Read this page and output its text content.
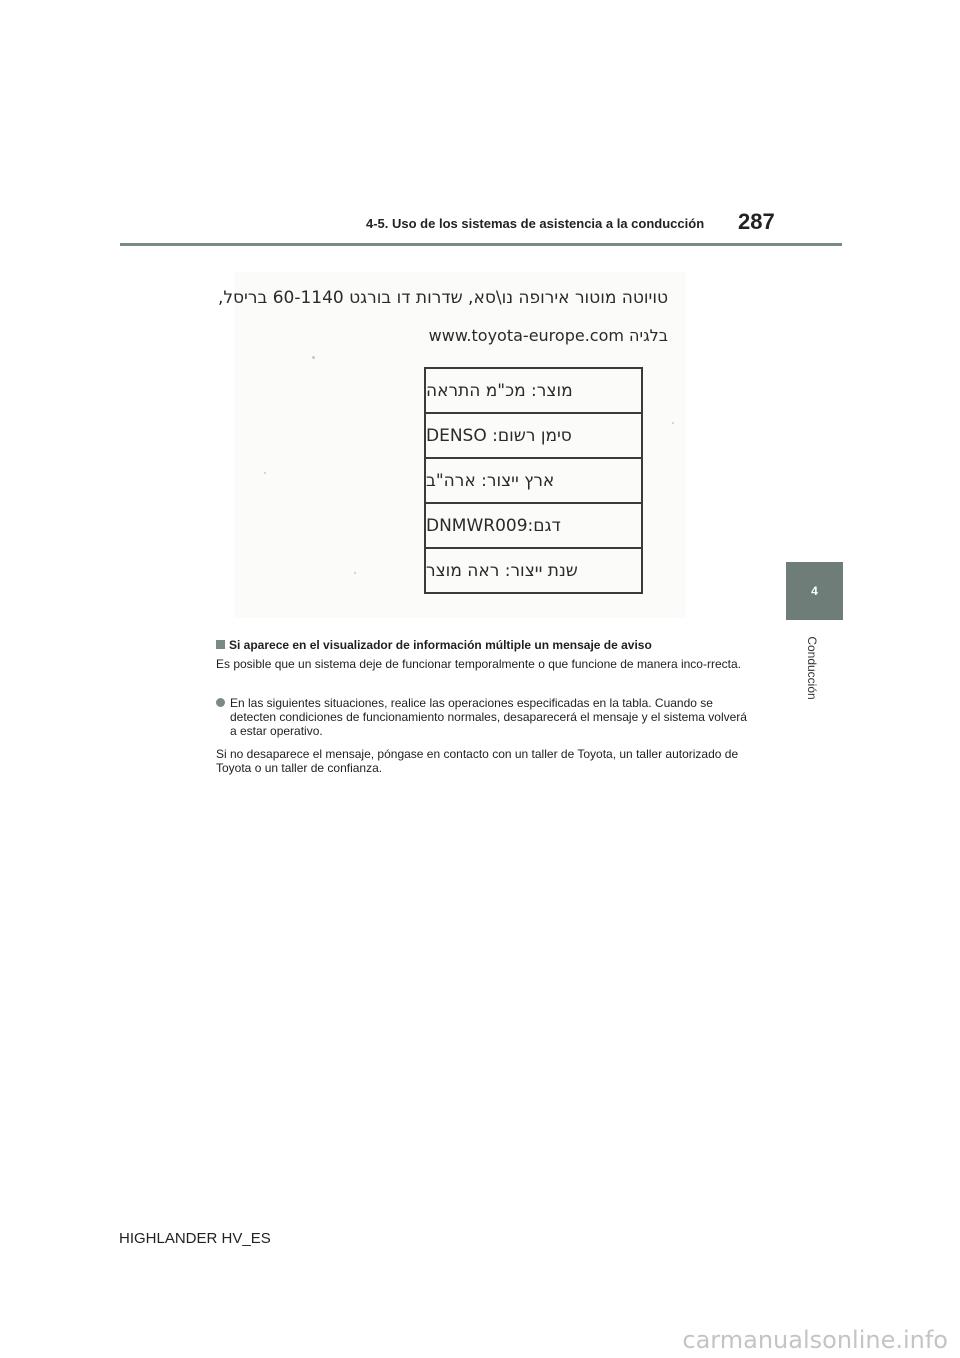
4-5. Uso de los sistemas de asistencia a la conducción 287
4
Conducción
טויוטה מוטור אירופה נו\סא, שדרות דו בורגט 60-1140 בריסל,
www.toyota-europe.com בלגיה
מוצר: מכ"מ התראה
סימן רשום: DENSO
ארץ ייצור: ארה"ב
דגם:DNMWR009
שנת ייצור: ראה מוצר
Si aparece en el visualizador de información múltiple un mensaje de aviso
Es posible que un sistema deje de funcionar temporalmente o que funcione de manera inco-rrecta.
En las siguientes situaciones, realice las operaciones especificadas en la tabla. Cuando se detecten condiciones de funcionamiento normales, desaparecerá el mensaje y el sistema volverá a estar operativo.
Si no desaparece el mensaje, póngase en contacto con un taller de Toyota, un taller autorizado de Toyota o un taller de confianza.
HIGHLANDER HV_ES
carmanualsonline.info
